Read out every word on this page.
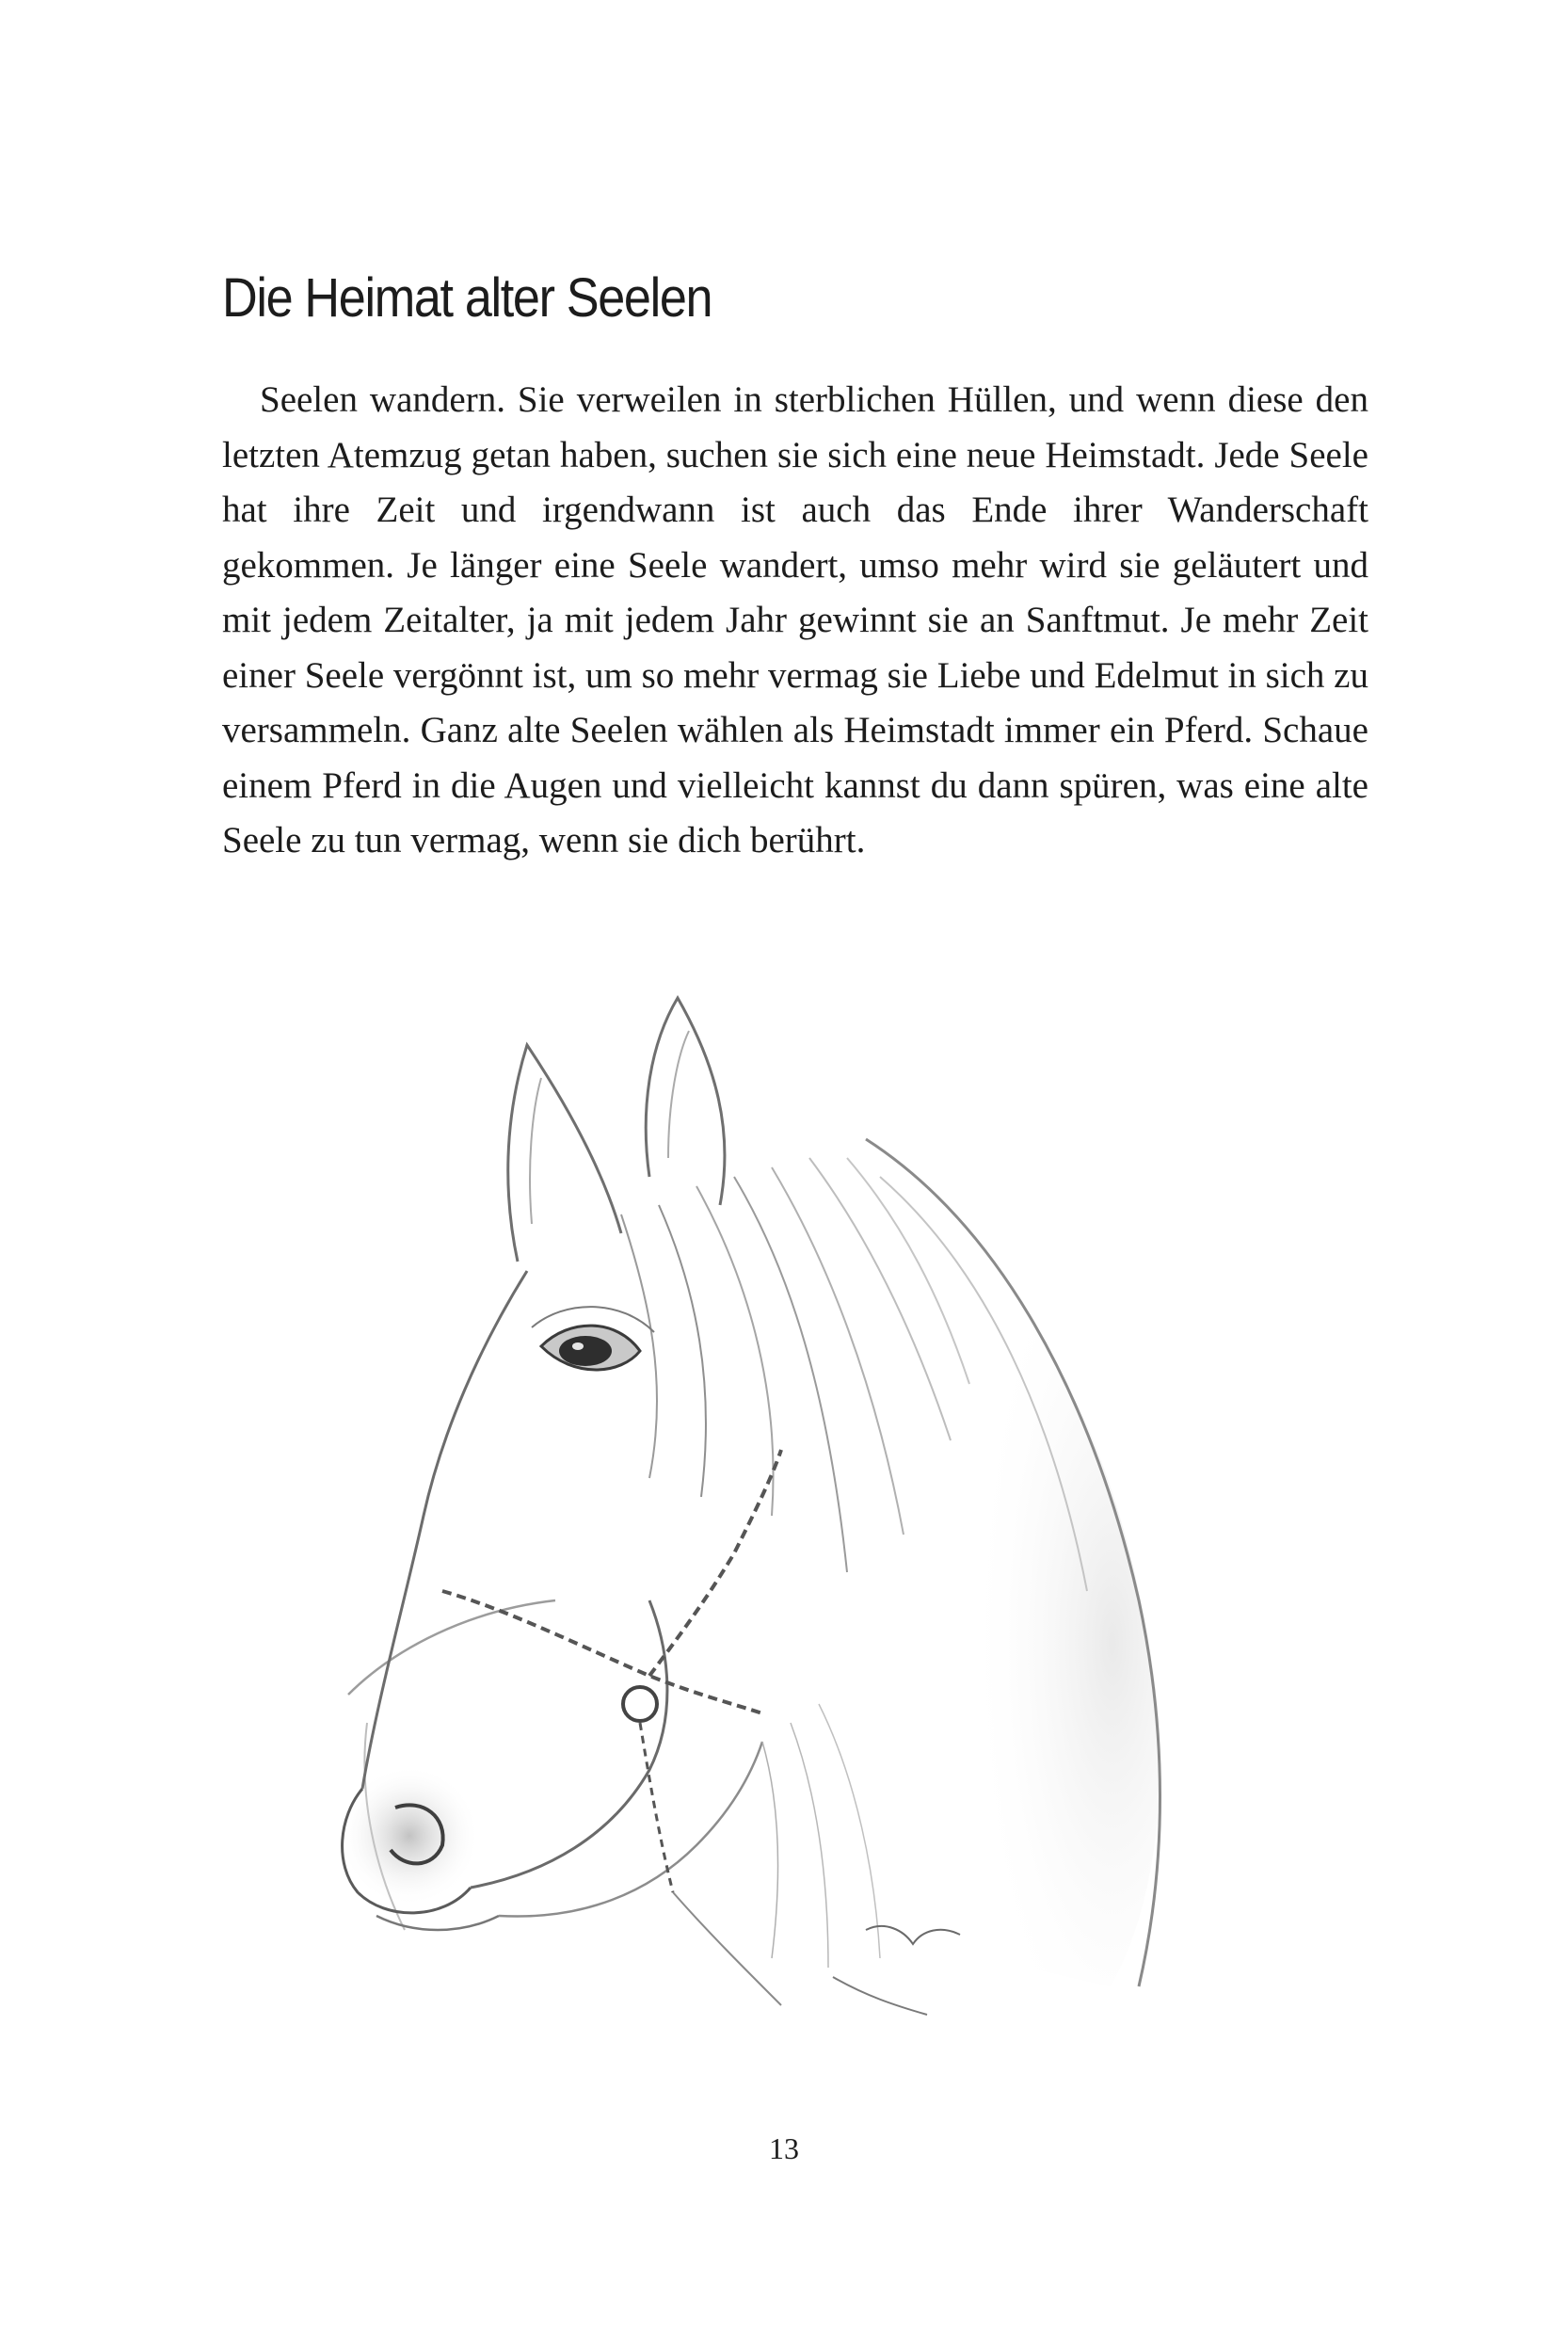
Die Heimat alter Seelen

Seelen wandern. Sie verweilen in sterblichen Hüllen, und wenn diese den letzten Atemzug getan haben, suchen sie sich eine neue Heimstadt. Jede Seele hat ihre Zeit und irgendwann ist auch das Ende ihrer Wanderschaft gekommen. Je länger eine Seele wandert, umso mehr wird sie geläutert und mit jedem Zeitalter, ja mit jedem Jahr gewinnt sie an Sanftmut. Je mehr Zeit einer Seele vergönnt ist, um so mehr vermag sie Liebe und Edelmut in sich zu versammeln. Ganz alte Seelen wählen als Heimstadt immer ein Pferd. Schaue einem Pferd in die Augen und vielleicht kannst du dann spüren, was eine alte Seele zu tun vermag, wenn sie dich berührt.

13
